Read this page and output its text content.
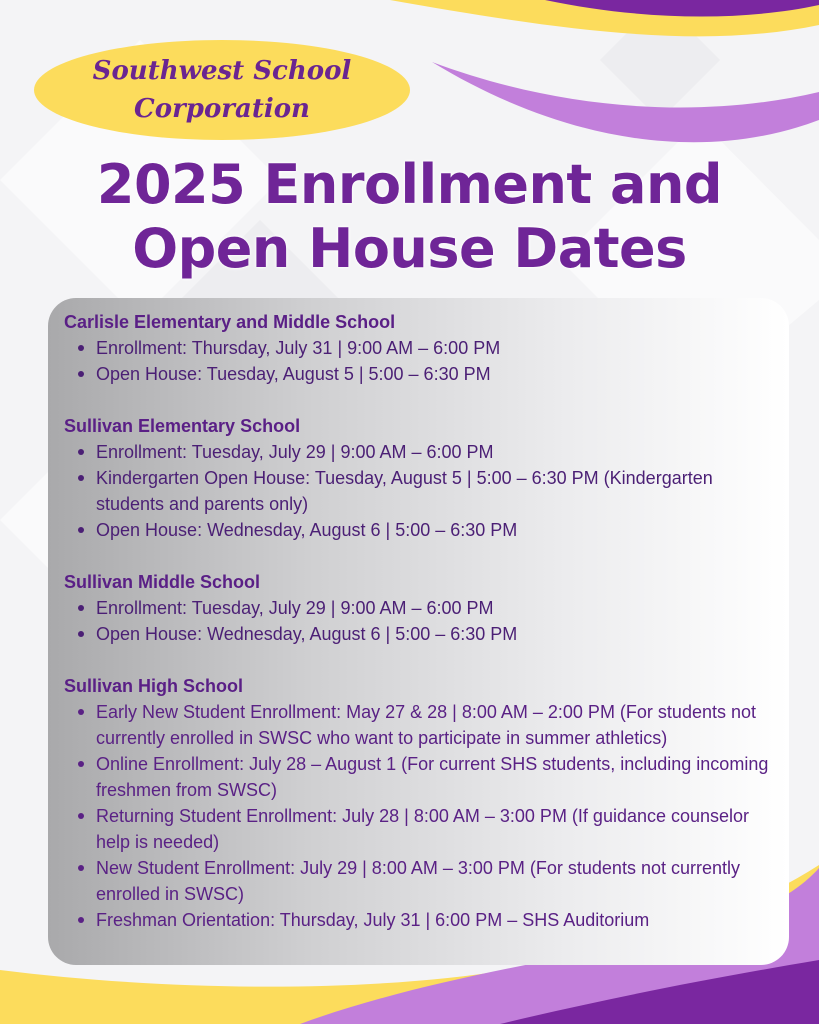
Southwest School
Corporation
2025 Enrollment and
Open House Dates
Carlisle Elementary and Middle School
Enrollment: Thursday, July 31 | 9:00 AM – 6:00 PM
Open House: Tuesday, August 5 | 5:00 – 6:30 PM
Sullivan Elementary School
Enrollment: Tuesday, July 29 | 9:00 AM – 6:00 PM
Kindergarten Open House: Tuesday, August 5 | 5:00 – 6:30 PM (Kindergarten students and parents only)
Open House: Wednesday, August 6 | 5:00 – 6:30 PM
Sullivan Middle School
Enrollment: Tuesday, July 29 | 9:00 AM – 6:00 PM
Open House: Wednesday, August 6 | 5:00 – 6:30 PM
Sullivan High School
Early New Student Enrollment: May 27 & 28 | 8:00 AM – 2:00 PM (For students not currently enrolled in SWSC who want to participate in summer athletics)
Online Enrollment: July 28 – August 1 (For current SHS students, including incoming freshmen from SWSC)
Returning Student Enrollment: July 28 | 8:00 AM – 3:00 PM (If guidance counselor help is needed)
New Student Enrollment: July 29 | 8:00 AM – 3:00 PM (For students not currently enrolled in SWSC)
Freshman Orientation: Thursday, July 31 | 6:00 PM – SHS Auditorium
